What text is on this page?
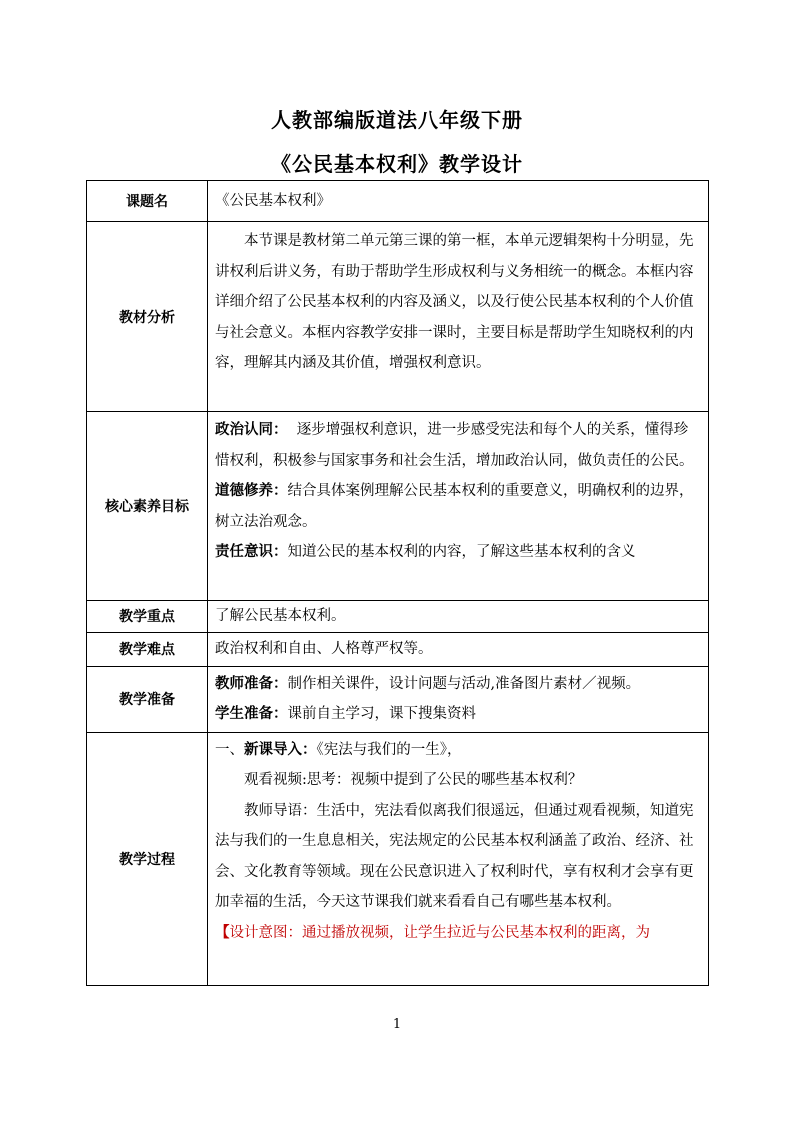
人教部编版道法八年级下册
《公民基本权利》教学设计
课题名	《公民基本权利》
教材分析	本节课是教材第二单元第三课的第一框，本单元逻辑架构十分明显，先讲权利后讲义务，有助于帮助学生形成权利与义务相统一的概念。本框内容详细介绍了公民基本权利的内容及涵义，以及行使公民基本权利的个人价值与社会意义。本框内容教学安排一课时，主要目标是帮助学生知晓权利的内容，理解其内涵及其价值，增强权利意识。

核心素养目标	政治认同： 逐步增强权利意识，进一步感受宪法和每个人的关系，懂得珍惜权利，积极参与国家事务和社会生活，增加政治认同，做负责任的公民。

道德修养：结合具体案例理解公民基本权利的重要意义，明确权利的边界，树立法治观念。

责任意识：知道公民的基本权利的内容，了解这些基本权利的含义

教学重点	了解公民基本权利。
教学难点	政治权利和自由、人格尊严权等。
教学准备	教师准备：制作相关课件，设计问题与活动,准备图片素材／视频。

学生准备：课前自主学习，课下搜集资料

教学过程	一、新课导入：《宪法与我们的一生》，

观看视频:思考：视频中提到了公民的哪些基本权利？

教师导语：生活中，宪法看似离我们很遥远，但通过观看视频，知道宪法与我们的一生息息相关，宪法规定的公民基本权利涵盖了政治、经济、社会、文化教育等领域。现在公民意识进入了权利时代，享有权利才会享有更加幸福的生活，今天这节课我们就来看看自己有哪些基本权利。

【设计意图：通过播放视频，让学生拉近与公民基本权利的距离，为

1
